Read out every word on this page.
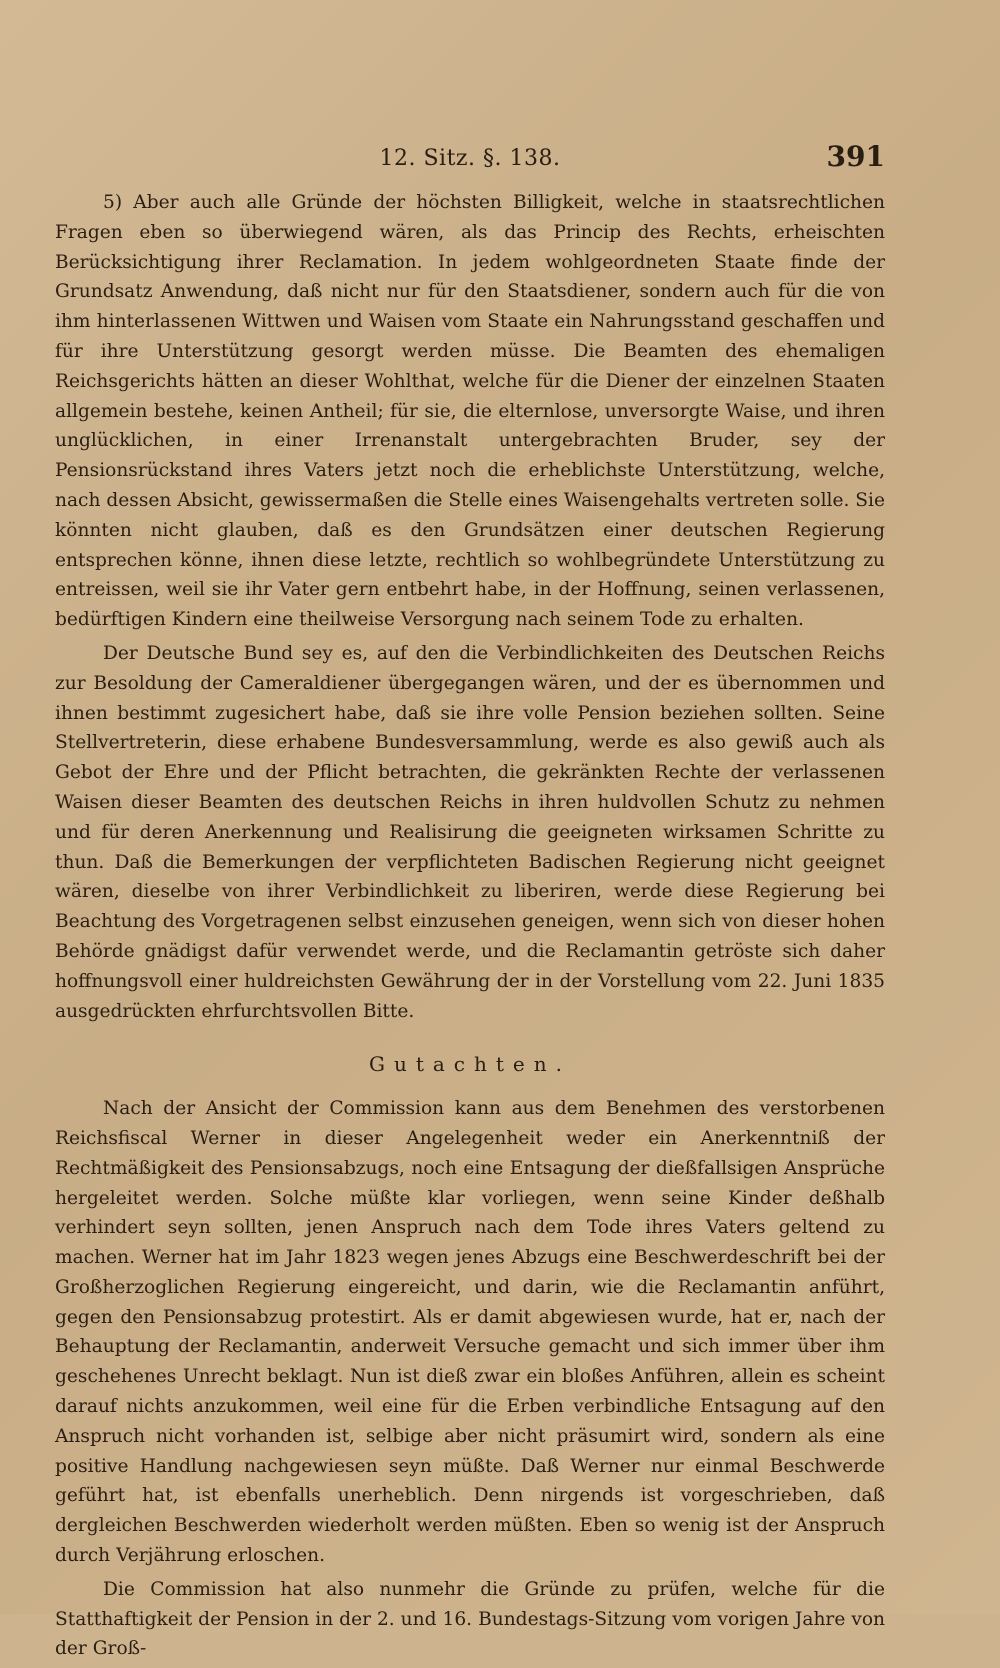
12. Sitz. §. 138.	391

5) Aber auch alle Gründe der höchsten Billigkeit, welche in staatsrechtlichen Fragen eben so überwiegend wären, als das Princip des Rechts, erheischten Berücksichtigung ihrer Reclamation. In jedem wohlgeordneten Staate finde der Grundsatz Anwendung, daß nicht nur für den Staatsdiener, sondern auch für die von ihm hinterlassenen Wittwen und Waisen vom Staate ein Nahrungsstand geschaffen und für ihre Unterstützung gesorgt werden müsse. Die Beamten des ehemaligen Reichsgerichts hätten an dieser Wohlthat, welche für die Diener der einzelnen Staaten allgemein bestehe, keinen Antheil; für sie, die elternlose, unversorgte Waise, und ihren unglücklichen, in einer Irrenanstalt untergebrachten Bruder, sey der Pensionsrückstand ihres Vaters jetzt noch die erheblichste Unterstützung, welche, nach dessen Absicht, gewissermaßen die Stelle eines Waisengehalts vertreten solle. Sie könnten nicht glauben, daß es den Grundsätzen einer deutschen Regierung entsprechen könne, ihnen diese letzte, rechtlich so wohlbegründete Unterstützung zu entreissen, weil sie ihr Vater gern entbehrt habe, in der Hoffnung, seinen verlassenen, bedürftigen Kindern eine theilweise Versorgung nach seinem Tode zu erhalten.

Der Deutsche Bund sey es, auf den die Verbindlichkeiten des Deutschen Reichs zur Besoldung der Cameraldiener übergegangen wären, und der es übernommen und ihnen bestimmt zugesichert habe, daß sie ihre volle Pension beziehen sollten. Seine Stellvertreterin, diese erhabene Bundesversammlung, werde es also gewiß auch als Gebot der Ehre und der Pflicht betrachten, die gekränkten Rechte der verlassenen Waisen dieser Beamten des deutschen Reichs in ihren huldvollen Schutz zu nehmen und für deren Anerkennung und Realisirung die geeigneten wirksamen Schritte zu thun. Daß die Bemerkungen der verpflichteten Badischen Regierung nicht geeignet wären, dieselbe von ihrer Verbindlichkeit zu liberiren, werde diese Regierung bei Beachtung des Vorgetragenen selbst einzusehen geneigen, wenn sich von dieser hohen Behörde gnädigst dafür verwendet werde, und die Reclamantin getröste sich daher hoffnungsvoll einer huldreichsten Gewährung der in der Vorstellung vom 22. Juni 1835 ausgedrückten ehrfurchtsvollen Bitte.

Gutachten.

Nach der Ansicht der Commission kann aus dem Benehmen des verstorbenen Reichsfiscal Werner in dieser Angelegenheit weder ein Anerkenntniß der Rechtmäßigkeit des Pensionsabzugs, noch eine Entsagung der dießfallsigen Ansprüche hergeleitet werden. Solche müßte klar vorliegen, wenn seine Kinder deßhalb verhindert seyn sollten, jenen Anspruch nach dem Tode ihres Vaters geltend zu machen. Werner hat im Jahr 1823 wegen jenes Abzugs eine Beschwerdeschrift bei der Großherzoglichen Regierung eingereicht, und darin, wie die Reclamantin anführt, gegen den Pensionsabzug protestirt. Als er damit abgewiesen wurde, hat er, nach der Behauptung der Reclamantin, anderweit Versuche gemacht und sich immer über ihm geschehenes Unrecht beklagt. Nun ist dieß zwar ein bloßes Anführen, allein es scheint darauf nichts anzukommen, weil eine für die Erben verbindliche Entsagung auf den Anspruch nicht vorhanden ist, selbige aber nicht präsumirt wird, sondern als eine positive Handlung nachgewiesen seyn müßte. Daß Werner nur einmal Beschwerde geführt hat, ist ebenfalls unerheblich. Denn nirgends ist vorgeschrieben, daß dergleichen Beschwerden wiederholt werden müßten. Eben so wenig ist der Anspruch durch Verjährung erloschen.

Die Commission hat also nunmehr die Gründe zu prüfen, welche für die Statthaftigkeit der Pension in der 2. und 16. Bundestags-Sitzung vom vorigen Jahre von der Groß-
